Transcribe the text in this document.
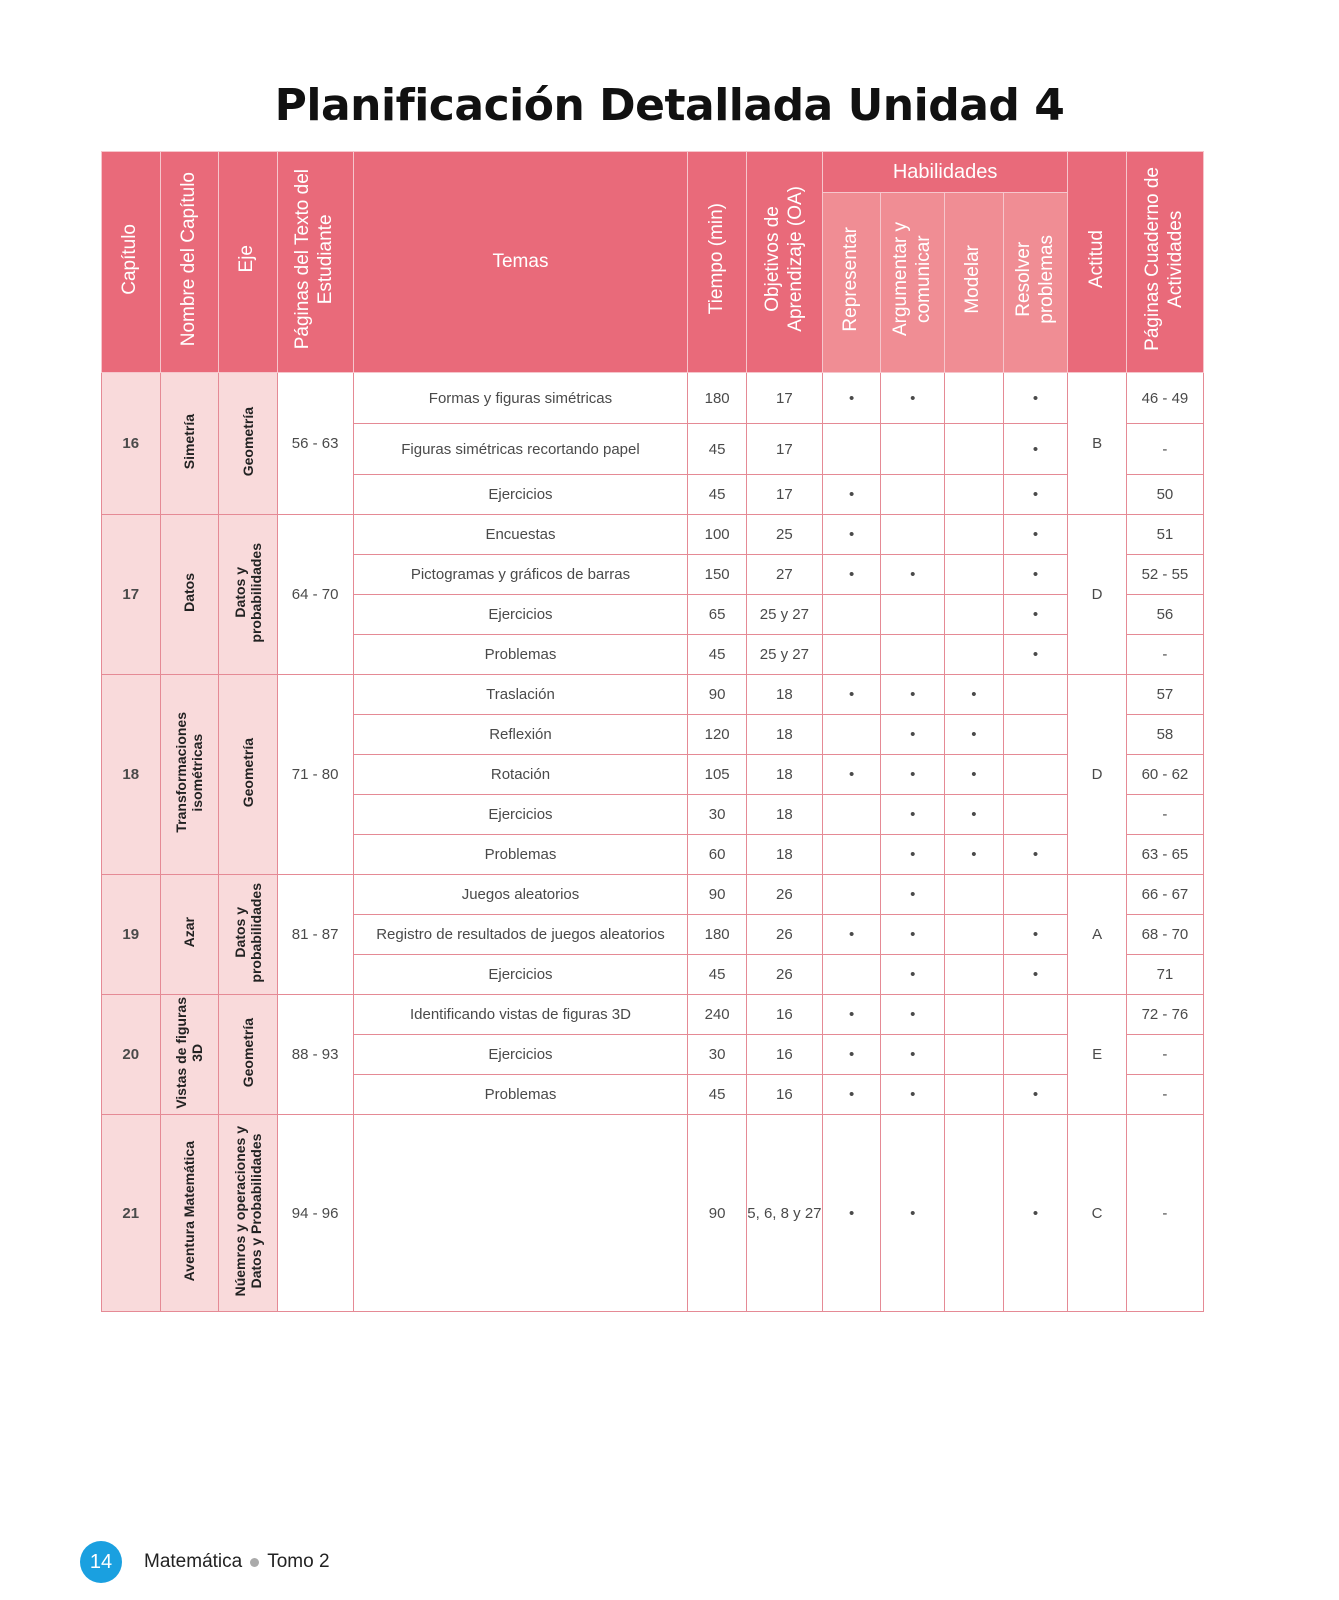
Planificación Detallada Unidad 4
Capítulo	Nombre del Capítulo	Eje	Páginas del Texto del
Estudiante	Temas	Tiempo (min)	Objetivos de
Aprendizaje (OA)	Habilidades				Actitud	Páginas Cuaderno de
Actividades
							Representar	Argumentar y
comunicar	Modelar	Resolver
problemas		
16	Simetría	Geometría	56 - 63	Formas y figuras simétricas	180	17	•	•		•	B	46 - 49
				Figuras simétricas recortando papel	45	17				•		-
				Ejercicios	45	17	•			•		50
17	Datos	Datos y
probabilidades	64 - 70	Encuestas	100	25	•			•	D	51
				Pictogramas y gráficos de barras	150	27	•	•		•		52 - 55
				Ejercicios	65	25 y 27				•		56
				Problemas	45	25 y 27				•		-
18	Transformaciones
isométricas	Geometría	71 - 80	Traslación	90	18	•	•	•		D	57
				Reflexión	120	18		•	•			58
				Rotación	105	18	•	•	•			60 - 62
				Ejercicios	30	18		•	•			-
				Problemas	60	18		•	•	•		63 - 65
19	Azar	Datos y
probabilidades	81 - 87	Juegos aleatorios	90	26		•			A	66 - 67
				Registro de resultados de juegos aleatorios	180	26	•	•		•		68 - 70
				Ejercicios	45	26		•		•		71
20	Vistas de figuras
3D	Geometría	88 - 93	Identificando vistas de figuras 3D	240	16	•	•			E	72 - 76
				Ejercicios	30	16	•	•				-
				Problemas	45	16	•	•		•		-
21	Aventura Matemática	Núemros y operaciones y
Datos y Probabilidades	94 - 96		90	5, 6, 8 y 27	•	•		•	C	-
14	Matemática Tomo 2
